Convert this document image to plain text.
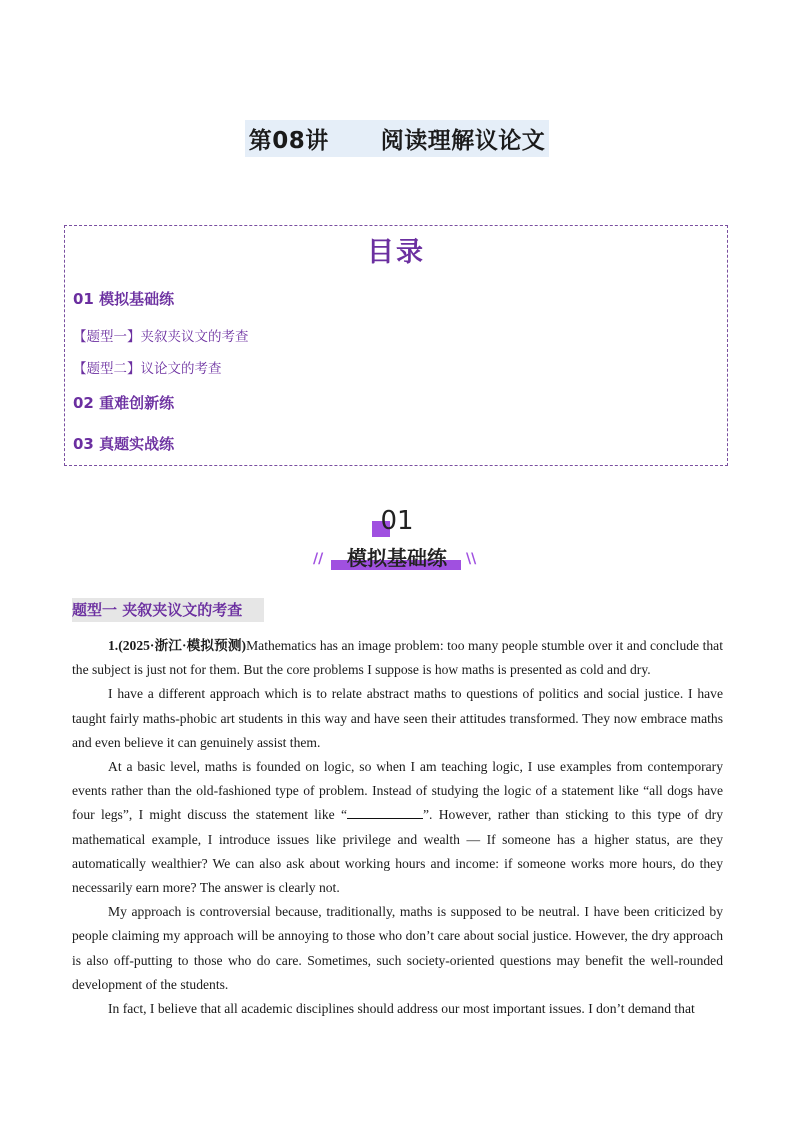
第08讲 阅读理解议论文
目录
01 模拟基础练
【题型一】夹叙夹议文的考查
【题型二】议论文的考查
02 重难创新练
03 真题实战练
01
模拟基础练
//	\\
题型一 夹叙夹议文的考查

1.(2025·浙江·模拟预测)Mathematics has an image problem: too many people stumble over it and conclude that the subject is just not for them. But the core problems I suppose is how maths is presented as cold and dry.

I have a different approach which is to relate abstract maths to questions of politics and social justice. I have taught fairly maths-phobic art students in this way and have seen their attitudes transformed. They now embrace maths and even believe it can genuinely assist them.

At a basic level, maths is founded on logic, so when I am teaching logic, I use examples from contemporary events rather than the old-fashioned type of problem. Instead of studying the logic of a statement like “all dogs have four legs”, I might discuss the statement like “	”. However, rather than sticking to this type of dry mathematical example, I introduce issues like privilege and wealth — If someone has a higher status, are they automatically wealthier? We can also ask about working hours and income: if someone works more hours, do they necessarily earn more? The answer is clearly not.

My approach is controversial because, traditionally, maths is supposed to be neutral. I have been criticized by people claiming my approach will be annoying to those who don’t care about social justice. However, the dry approach is also off-putting to those who do care. Sometimes, such society-oriented questions may benefit the well-rounded development of the students.

In fact, I believe that all academic disciplines should address our most important issues. I don’t demand that
